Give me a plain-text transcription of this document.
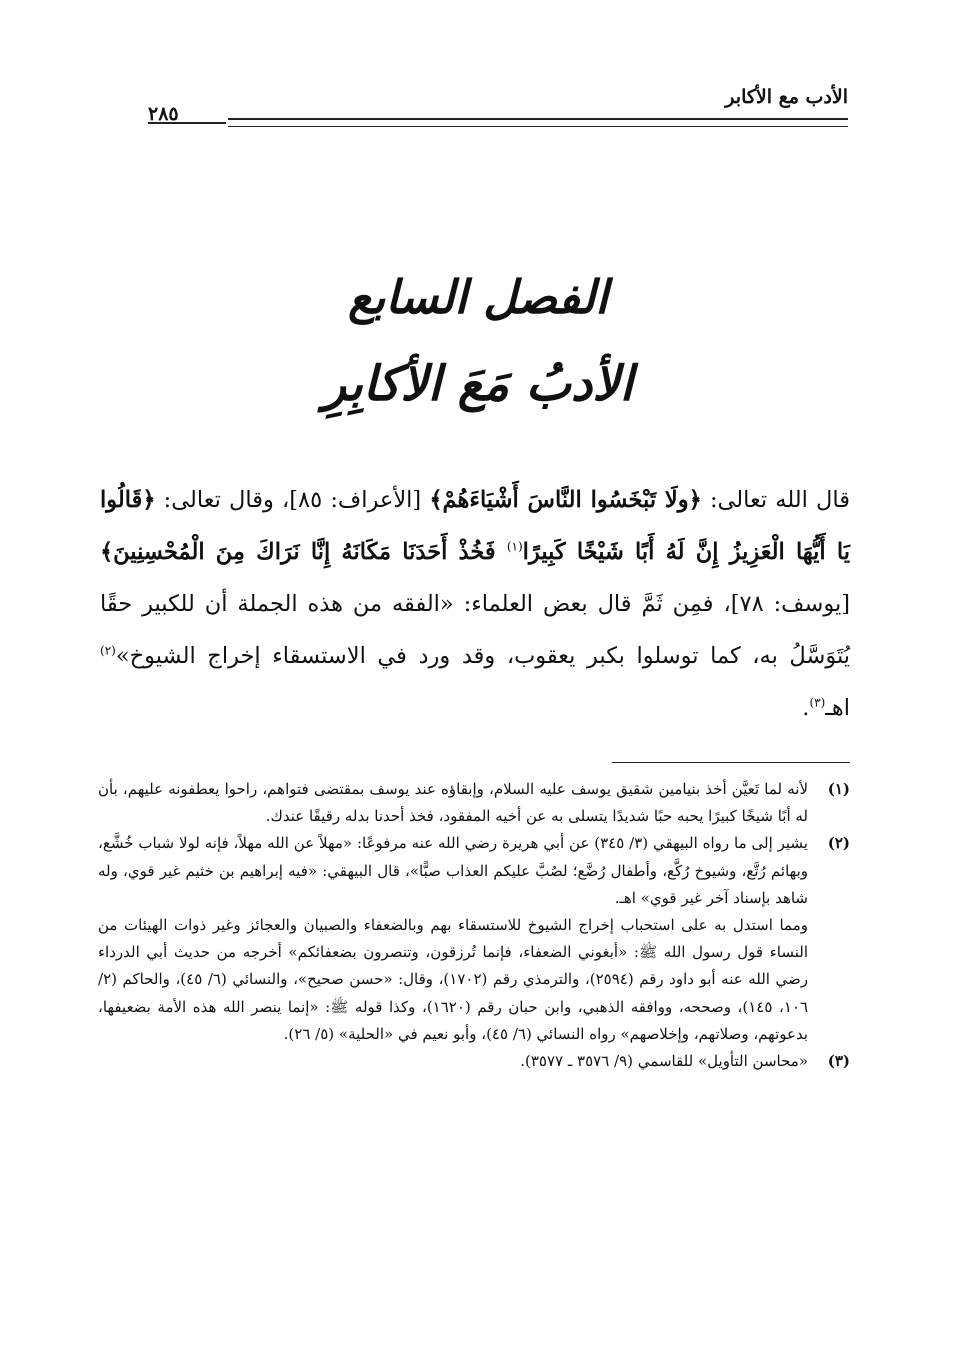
الأدب مع الأكابر
٢٨٥
الفصل السابع
الأدبُ مَعَ الأكابِرِ
قال الله تعالى: ﴿ولَا تَبْخَسُوا النَّاسَ أَشْيَاءَهُمْ﴾ [الأعراف: ٨٥]، وقال تعالى: ﴿قَالُوا يَا أَيُّهَا الْعَزِيزُ إِنَّ لَهُ أَبًا شَيْخًا كَبِيرًا$^{(١)}$ فَخُذْ أَحَدَنَا مَكَانَهُ إِنَّا نَرَاكَ مِنَ الْمُحْسِنِينَ﴾ [يوسف: ٧٨]، فمِن ثَمَّ قال بعض العلماء: «الفقه من هذه الجملة أن للكبير حقًا يُتَوَسَّلُ به، كما توسلوا بكبر يعقوب، وقد ورد في الاستسقاء إخراج الشيوخ»$^{(٢)}$ اهـ$^{(٣)}$.
(١)
لأنه لما تَعيَّن أخذ بنيامين شقيق يوسف عليه السلام، وإبقاؤه عند يوسف بمقتضى فتواهم، راحوا يعطفونه عليهم، بأن له أبًا شيخًا كبيرًا يحبه حبًا شديدًا يتسلى به عن أخيه المفقود، فخذ أحدنا بدله رقيقًا عندك.
(٢)
يشير إلى ما رواه البيهقي (٣/ ٣٤٥) عن أبي هريرة رضي الله عنه مرفوعًا: «مهلاً عن الله مهلاً، فإنه لولا شباب خُشَّع، وبهائم رُتَّع، وشيوخ رُكَّع، وأطفال رُضَّع؛ لصُبَّ عليكم العذاب صبًّا»، قال البيهقي: «فيه إبراهيم بن خثيم غير قوي، وله شاهد بإسناد آخر غير قوي» اهـ.
ومما استدل به على استحباب إخراج الشيوخ للاستسقاء بهم وبالضعفاء والصبيان والعجائز وغير ذوات الهيئات من النساء قول رسول الله ﷺ: «أبغوني الضعفاء، فإنما تُرزقون، وتنصرون بضعفائكم» أخرجه من حديث أبي الدرداء رضي الله عنه أبو داود رقم (٢٥٩٤)، والترمذي رقم (١٧٠٢)، وقال: «حسن صحيح»، والنسائي (٦/ ٤٥)، والحاكم (٢/ ١٠٦، ١٤٥)، وصححه، ووافقه الذهبي، وابن حبان رقم (١٦٢٠)، وكذا قوله ﷺ: «إنما ينصر الله هذه الأمة بضعيفها، بدعوتهم، وصلاتهم، وإخلاصهم» رواه النسائي (٦/ ٤٥)، وأبو نعيم في «الحلية» (٥/ ٢٦).
(٣)
«محاسن التأويل» للقاسمي (٩/ ٣٥٧٦ ـ ٣٥٧٧).
